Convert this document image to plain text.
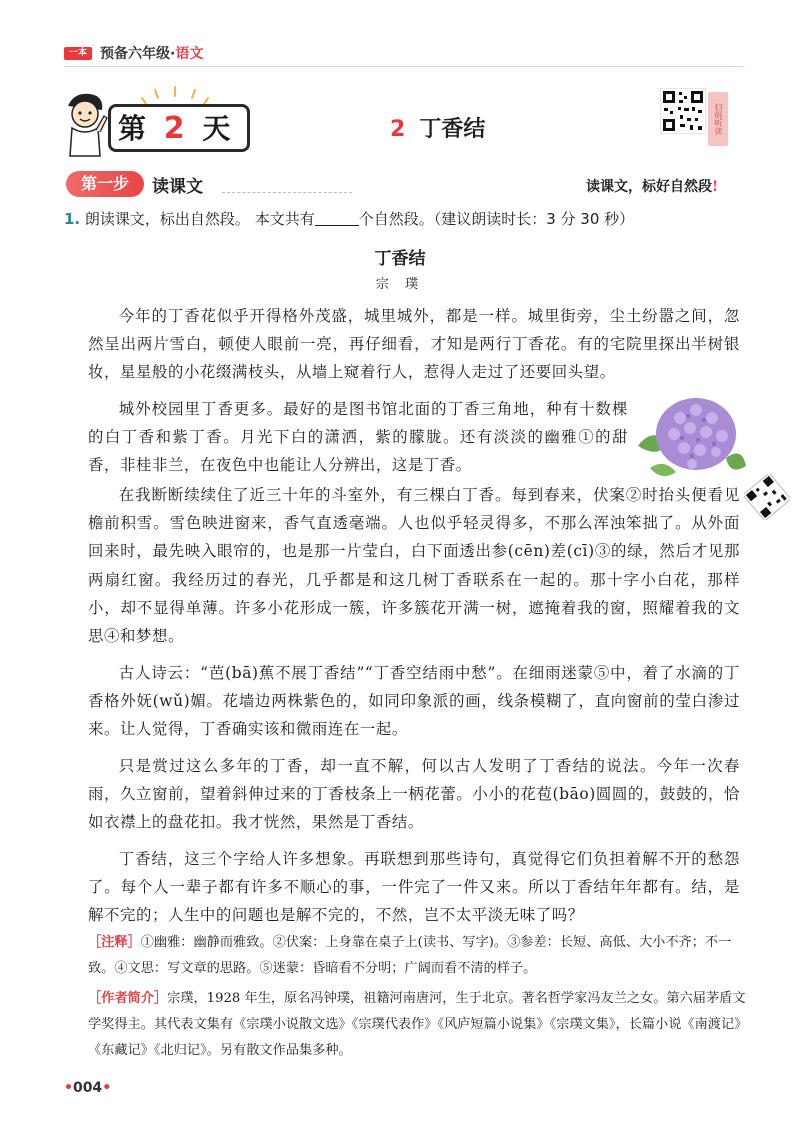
一本 预备六年级·语文
第 2 天	2 丁香结	扫码听读
第一步	读课文	读课文，标好自然段!
1. 朗读课文，标出自然段。 本文共有	个自然段。（建议朗读时长：3 分 30 秒）
丁香结
宗 璞

今年的丁香花似乎开得格外茂盛，城里城外，都是一样。城里街旁，尘土纷嚣之间，忽然呈出两片雪白，顿使人眼前一亮，再仔细看，才知是两行丁香花。有的宅院里探出半树银妆，星星般的小花缀满枝头，从墙上窥着行人，惹得人走过了还要回头望。

城外校园里丁香更多。最好的是图书馆北面的丁香三角地，种有十数棵的白丁香和紫丁香。月光下白的潇洒，紫的朦胧。还有淡淡的幽雅①的甜香，非桂非兰，在夜色中也能让人分辨出，这是丁香。

在我断断续续住了近三十年的斗室外，有三棵白丁香。每到春来，伏案②时抬头便看见檐前积雪。雪色映进窗来，香气直透毫端。人也似乎轻灵得多，不那么浑浊笨拙了。从外面回来时，最先映入眼帘的，也是那一片莹白，白下面透出参(cēn)差(cī)③的绿，然后才见那两扇红窗。我经历过的春光，几乎都是和这几树丁香联系在一起的。那十字小白花，那样小，却不显得单薄。许多小花形成一簇，许多簇花开满一树，遮掩着我的窗，照耀着我的文思④和梦想。

古人诗云：“芭(bā)蕉不展丁香结”“丁香空结雨中愁”。在细雨迷蒙⑤中，着了水滴的丁香格外妩(wǔ)媚。花墙边两株紫色的，如同印象派的画，线条模糊了，直向窗前的莹白渗过来。让人觉得，丁香确实该和微雨连在一起。

只是赏过这么多年的丁香，却一直不解，何以古人发明了丁香结的说法。今年一次春雨，久立窗前，望着斜伸过来的丁香枝条上一柄花蕾。小小的花苞(bāo)圆圆的，鼓鼓的，恰如衣襟上的盘花扣。我才恍然，果然是丁香结。

丁香结，这三个字给人许多想象。再联想到那些诗句，真觉得它们负担着解不开的愁怨了。每个人一辈子都有许多不顺心的事，一件完了一件又来。所以丁香结年年都有。结，是解不完的；人生中的问题也是解不完的，不然，岂不太平淡无味了吗？

［注释］①幽雅：幽静而雅致。②伏案：上身靠在桌子上(读书、写字)。③参差：长短、高低、大小不齐；不一致。④文思：写文章的思路。⑤迷蒙：昏暗看不分明；广阔而看不清的样子。

［作者简介］宗璞，1928 年生，原名冯钟璞，祖籍河南唐河，生于北京。著名哲学家冯友兰之女。第六届茅盾文学奖得主。其代表文集有《宗璞小说散文选》《宗璞代表作》《风庐短篇小说集》《宗璞文集》，长篇小说《南渡记》《东藏记》《北归记》。另有散文作品集多种。

•004•
